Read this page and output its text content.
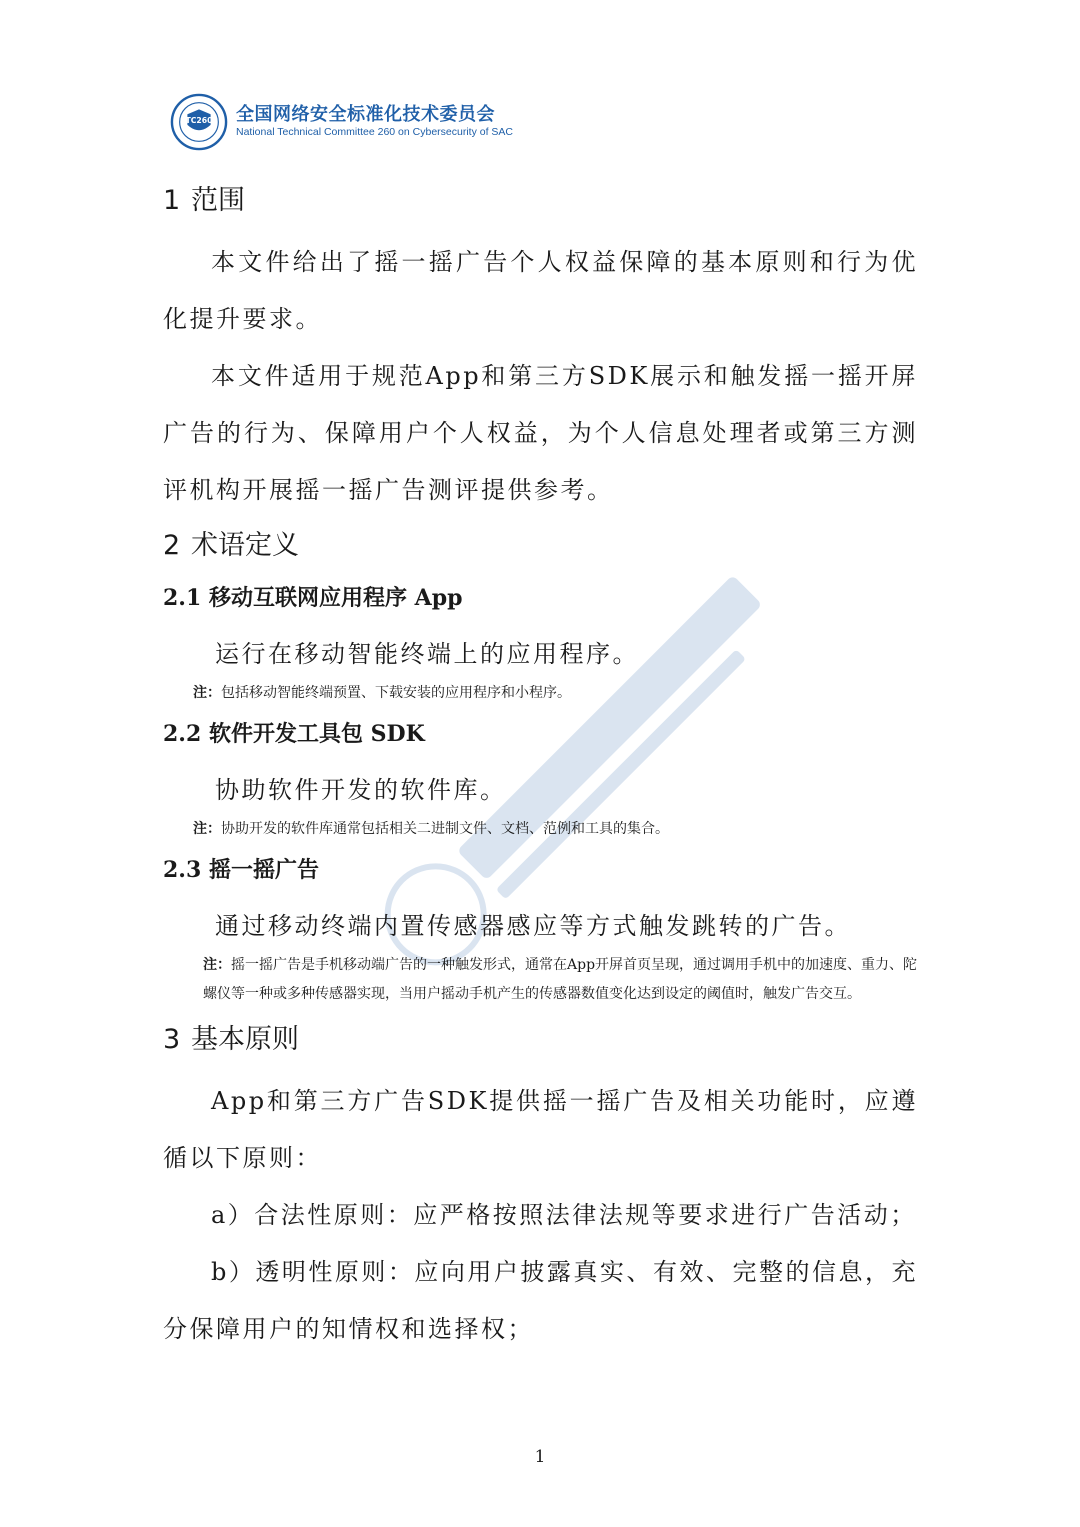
TC260 全国网络安全标准化技术委员会
National Technical Committee 260 on Cybersecurity of SAC
1 范围

本文件给出了摇一摇广告个人权益保障的基本原则和行为优化提升要求。

本文件适用于规范App和第三方SDK展示和触发摇一摇开屏广告的行为、保障用户个人权益，为个人信息处理者或第三方测评机构开展摇一摇广告测评提供参考。

2 术语定义
2.1 移动互联网应用程序 App

运行在移动智能终端上的应用程序。

注：包括移动智能终端预置、下载安装的应用程序和小程序。

2.2 软件开发工具包 SDK

协助软件开发的软件库。

注：协助开发的软件库通常包括相关二进制文件、文档、范例和工具的集合。

2.3 摇一摇广告

通过移动终端内置传感器感应等方式触发跳转的广告。

注：摇一摇广告是手机移动端广告的一种触发形式，通常在App开屏首页呈现，通过调用手机中的加速度、重力、陀螺仪等一种或多种传感器实现，当用户摇动手机产生的传感器数值变化达到设定的阈值时，触发广告交互。

3 基本原则

App和第三方广告SDK提供摇一摇广告及相关功能时，应遵循以下原则：

a）合法性原则：应严格按照法律法规等要求进行广告活动；

b）透明性原则：应向用户披露真实、有效、完整的信息，充分保障用户的知情权和选择权；

1
